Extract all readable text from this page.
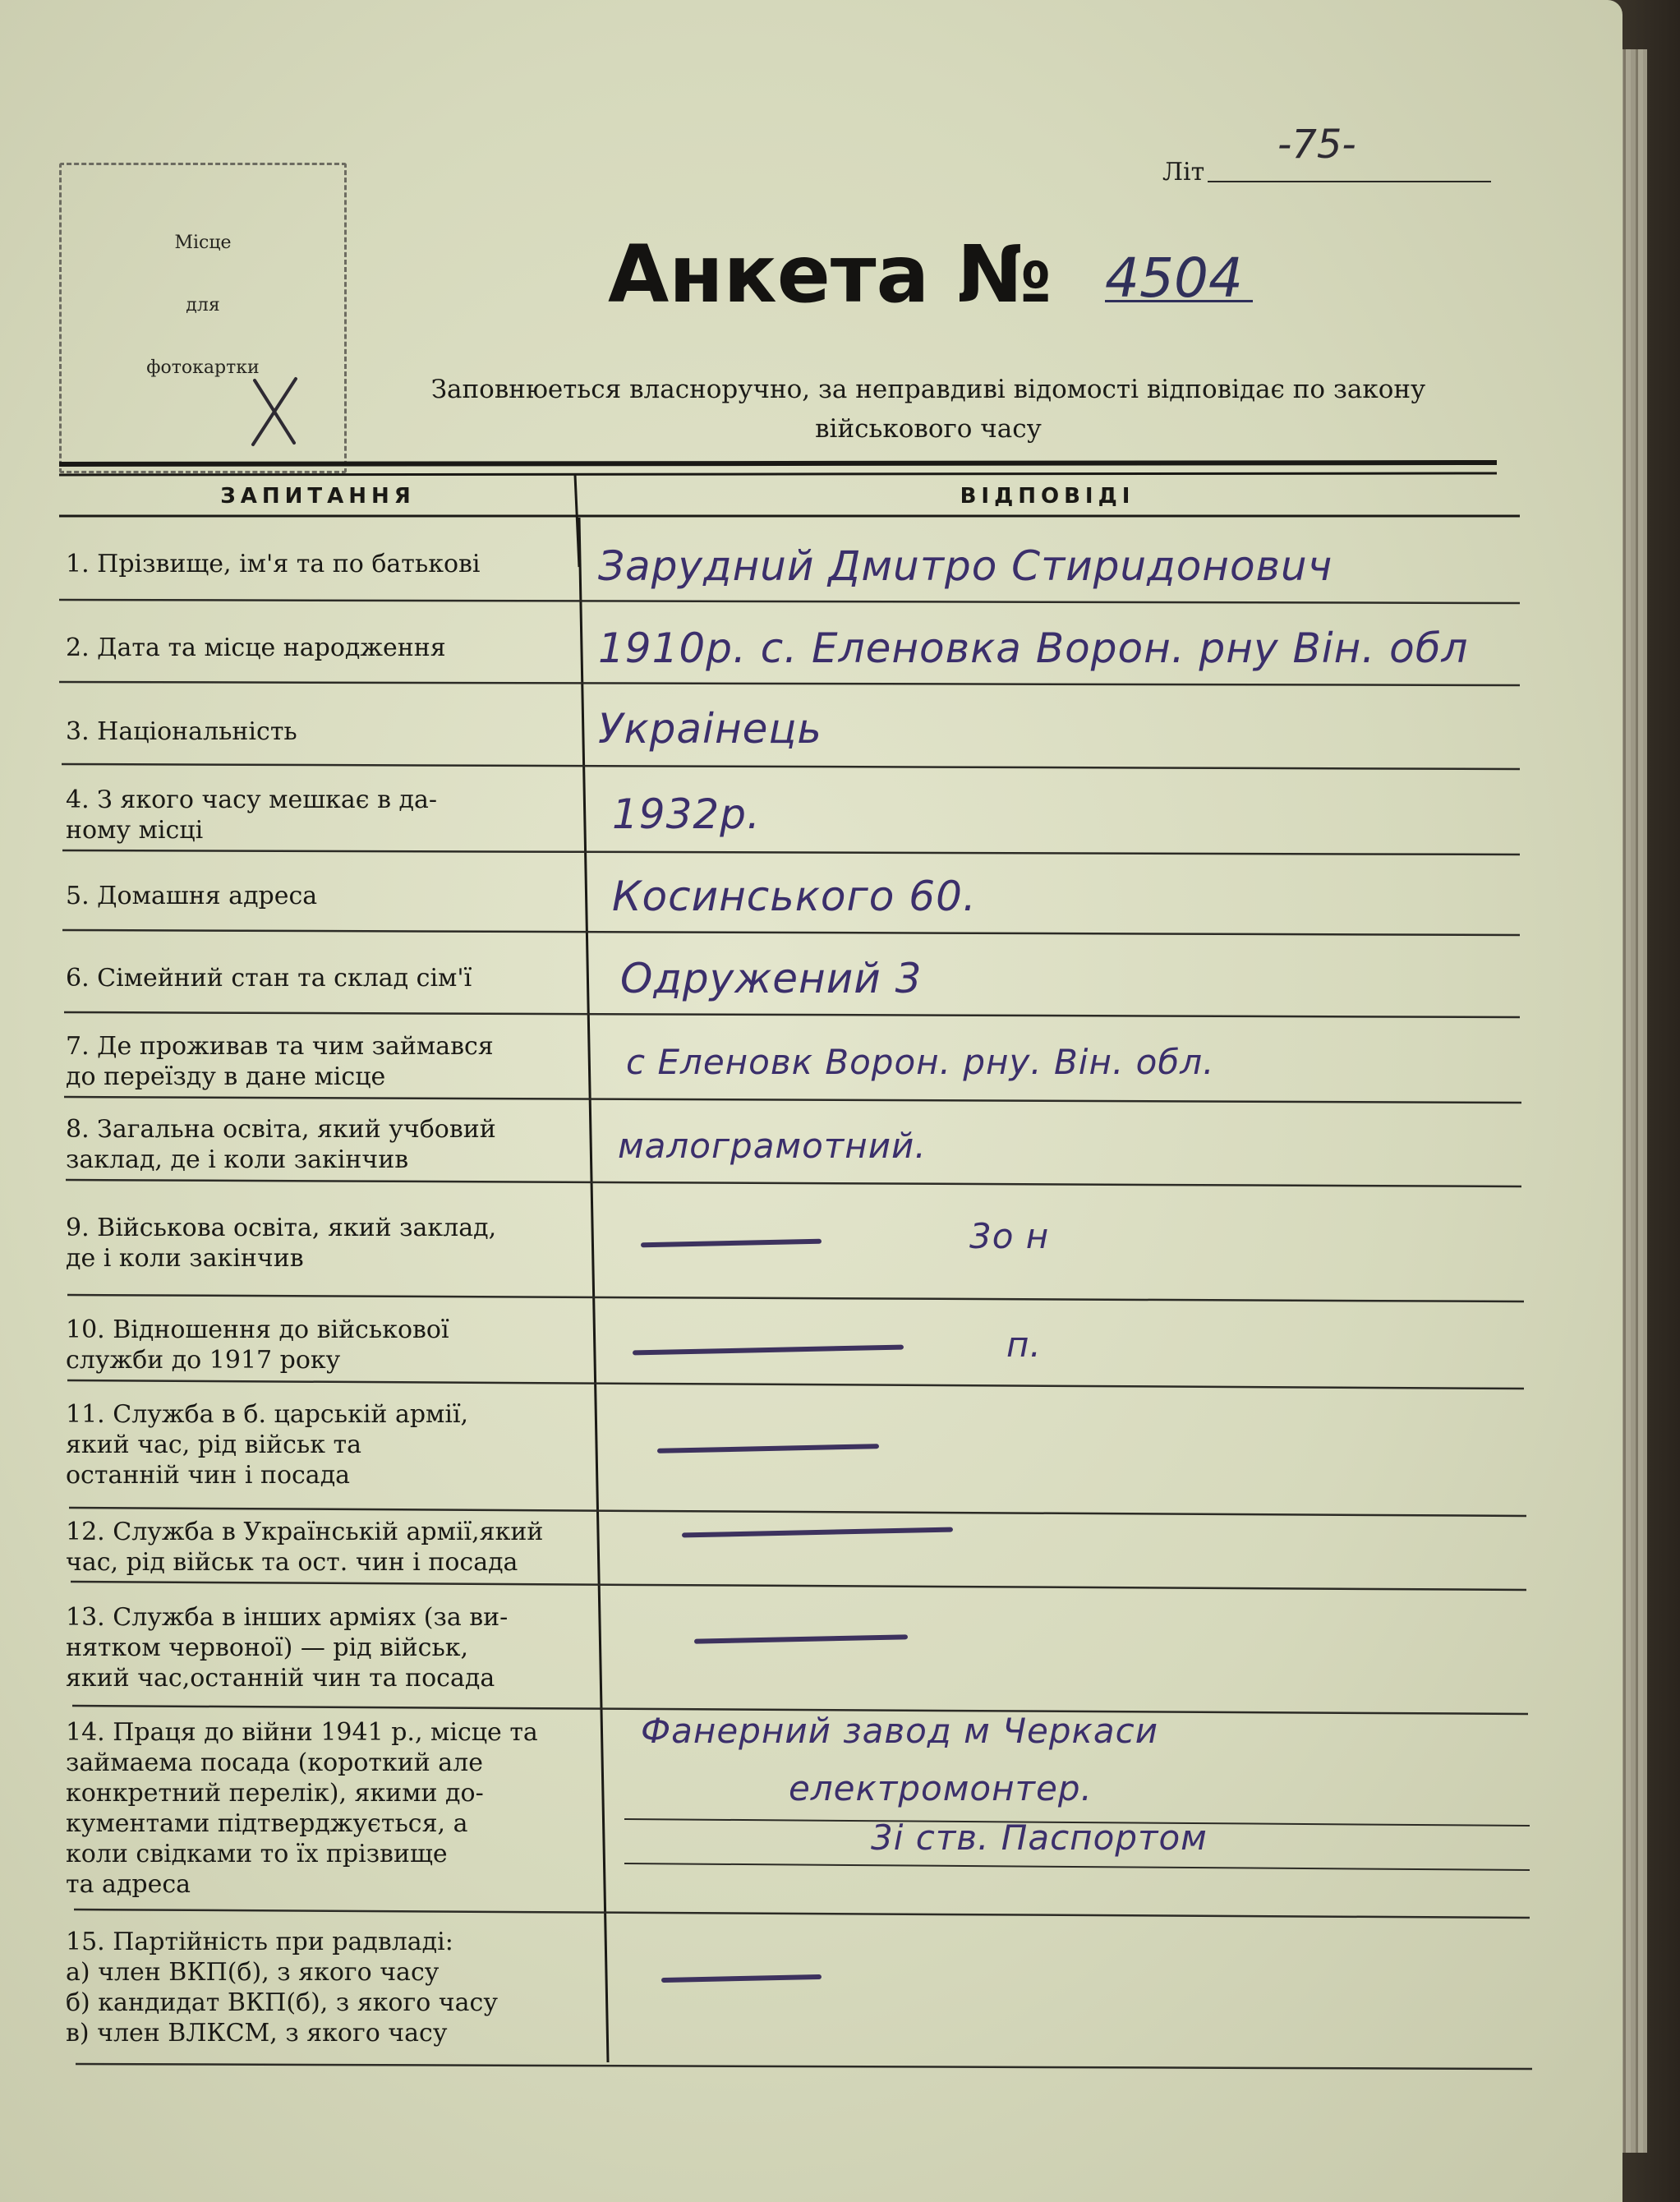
Літ
-75-
Місце
для
фотокартки
Анкета № 4504
Заповнюеться власноручно, за неправдиві відомості відповідає по закону військового часу
ЗАПИТАННЯ	ВІДПОВІДІ
1. Прізвище, ім'я та по батькові
2. Дата та місце народження
3. Національність
4. З якого часу мешкає в да-
ному місці
5. Домашня адреса
6. Сімейний стан та склад сім'ї
7. Де проживав та чим займався
до переїзду в дане місце
8. Загальна освіта, який учбовий
заклад, де і коли закінчив
9. Військова освіта, який заклад,
де і коли закінчив
10. Відношення до військової
служби до 1917 року
11. Служба в б. царській армії,
який час, рід військ та
останній чин і посада
12. Служба в Українській армії,який
час, рід військ та ост. чин і посада
13. Служба в інших арміях (за ви-
нятком червоної) — рід військ,
який час,останній чин та посада
14. Праця до війни 1941 р., місце та
займаема посада (короткий але
конкретний перелік), якими до-
кументами підтверджується, а
коли свідками то їх прізвище
та адреса
15. Партійність при радвладі:
а) член ВКП(б), з якого часу
б) кандидат ВКП(б), з якого часу
в) член ВЛКСМ, з якого часу
Заруднuй Дмuтро Стирuдоновuч
1910р. с. Еленовка Ворон. рну Він. обл
Украінець
1932р.
Косинського 60.
Одружений 3
с Еленовк Ворон. рну. Він. обл.
малограмотний.
3о н
п.
Фанерний завод м Черкаси
електромонтер.
3і ств. Паспортом
